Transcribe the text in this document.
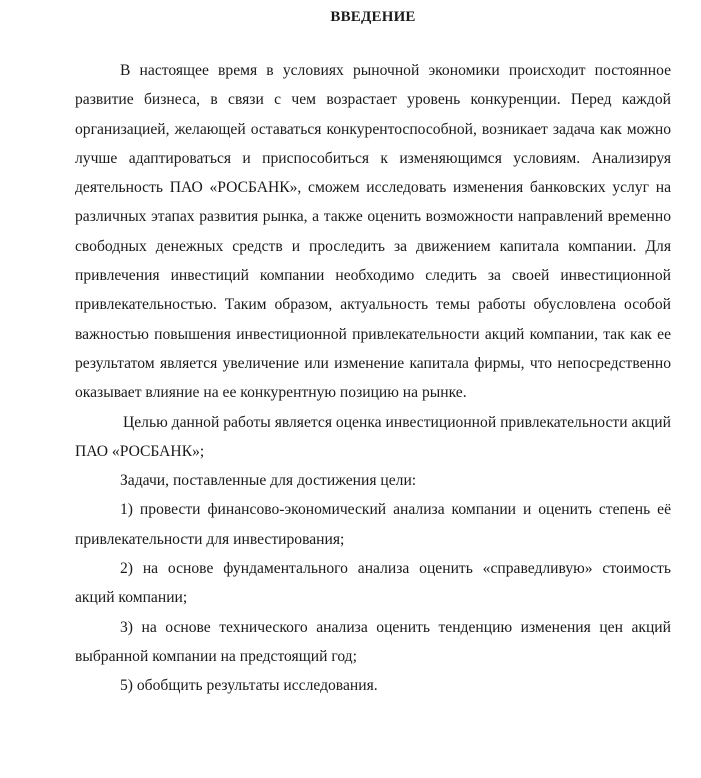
ВВЕДЕНИЕ

В настоящее время в условиях рыночной экономики происходит постоянное развитие бизнеса, в связи с чем возрастает уровень конкуренции. Перед каждой организацией, желающей оставаться конкурентоспособной, возникает задача как можно лучше адаптироваться и приспособиться к изменяющимся условиям. Анализируя деятельность ПАО «РОСБАНК», сможем исследовать изменения банковских услуг на различных этапах развития рынка, а также оценить возможности направлений временно свободных денежных средств и проследить за движением капитала компании. Для привлечения инвестиций компании необходимо следить за своей инвестиционной привлекательностью. Таким образом, актуальность темы работы обусловлена особой важностью повышения инвестиционной привлекательности акций компании, так как ее результатом является увеличение или изменение капитала фирмы, что непосредственно оказывает влияние на ее конкурентную позицию на рынке.

Целью данной работы является оценка инвестиционной привлекательности акций ПАО «РОСБАНК»;

Задачи, поставленные для достижения цели:

1) провести финансово-экономический анализа компании и оценить степень её привлекательности для инвестирования;

2) на основе фундаментального анализа оценить «справедливую» стоимость акций компании;

3) на основе технического анализа оценить тенденцию изменения цен акций выбранной компании на предстоящий год;

5) обобщить результаты исследования.
